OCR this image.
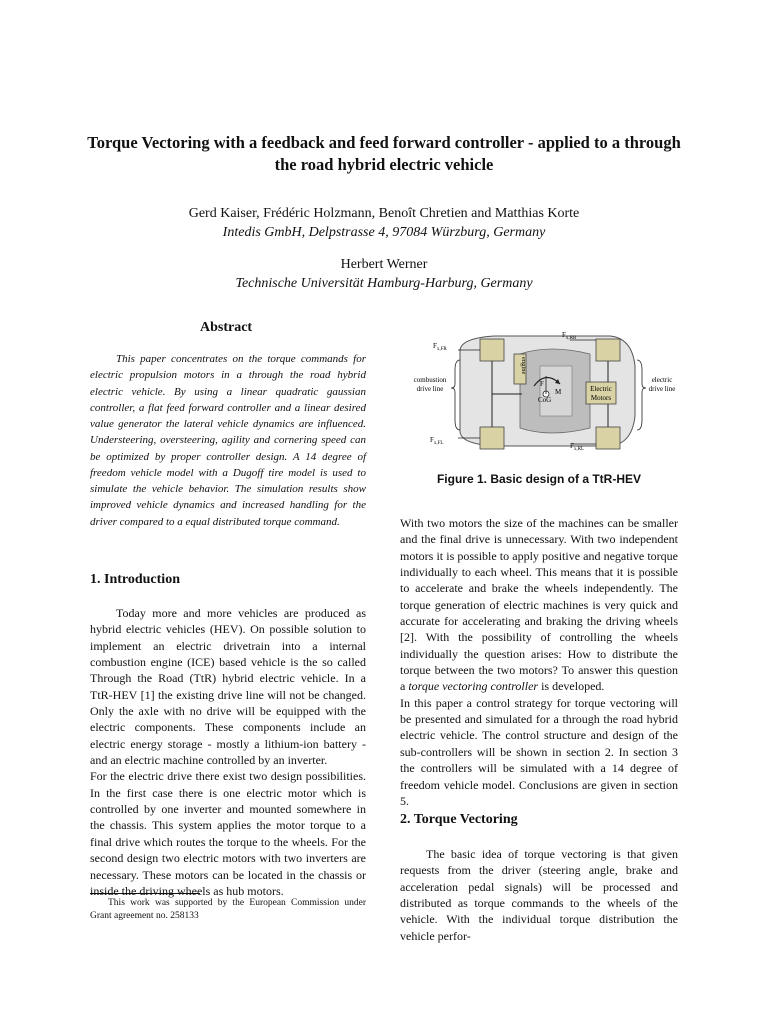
Torque Vectoring with a feedback and feed forward controller - applied to a through the road hybrid electric vehicle
Gerd Kaiser, Frédéric Holzmann, Benoît Chretien and Matthias Korte
Intedis GmbH, Delpstrasse 4, 97084 Würzburg, Germany
Herbert Werner
Technische Universität Hamburg-Harburg, Germany
Abstract

This paper concentrates on the torque commands for electric propulsion motors in a through the road hybrid electric vehicle. By using a linear quadratic gaussian controller, a flat feed forward controller and a linear desired value generator the lateral vehicle dynamics are influenced. Understeering, oversteering, agility and cornering speed can be optimized by proper controller design. A 14 degree of freedom vehicle model with a Dugoff tire model is used to simulate the vehicle behavior. The simulation results show improved vehicle dynamics and increased handling for the driver compared to a equal distributed torque command.

1. Introduction

Today more and more vehicles are produced as hybrid electric vehicles (HEV). On possible solution to implement an electric drivetrain into a internal combustion engine (ICE) based vehicle is the so called Through the Road (TtR) hybrid electric vehicle. In a TtR-HEV [1] the existing drive line will not be changed. Only the axle with no drive will be equipped with the electric components. These components include an electric energy storage - mostly a lithium-ion battery - and an electric machine controlled by an inverter.

For the electric drive there exist two design possibilities. In the first case there is one electric motor which is controlled by one inverter and mounted somewhere in the chassis. This system applies the motor torque to a final drive which routes the torque to the wheels. For the second design two electric motors with two inverters are necessary. These motors can be located in the chassis or inside the driving wheels as hub motors.

This work was supported by the European Commission under Grant agreement no. 258133

engine
Electric
Motors
CoG
F
M
$F_{x,FR}$
$F_{x,RR}$
$F_{x,FL}$	$F_{x,RL}$
combustion
drive line
electric
drive line

Figure 1. Basic design of a TtR-HEV

With two motors the size of the machines can be smaller and the final drive is unnecessary. With two independent motors it is possible to apply positive and negative torque individually to each wheel. This means that it is possible to accelerate and brake the wheels independently. The torque generation of electric machines is very quick and accurate for accelerating and braking the driving wheels [2]. With the possibility of controlling the wheels individually the question arises: How to distribute the torque between the two motors? To answer this question a torque vectoring controller is developed.

In this paper a control strategy for torque vectoring will be presented and simulated for a through the road hybrid electric vehicle. The control structure and design of the sub-controllers will be shown in section 2. In section 3 the controllers will be simulated with a 14 degree of freedom vehicle model. Conclusions are given in section 5.

2. Torque Vectoring

The basic idea of torque vectoring is that given requests from the driver (steering angle, brake and acceleration pedal signals) will be processed and distributed as torque commands to the wheels of the vehicle. With the individual torque distribution the vehicle perfor-
